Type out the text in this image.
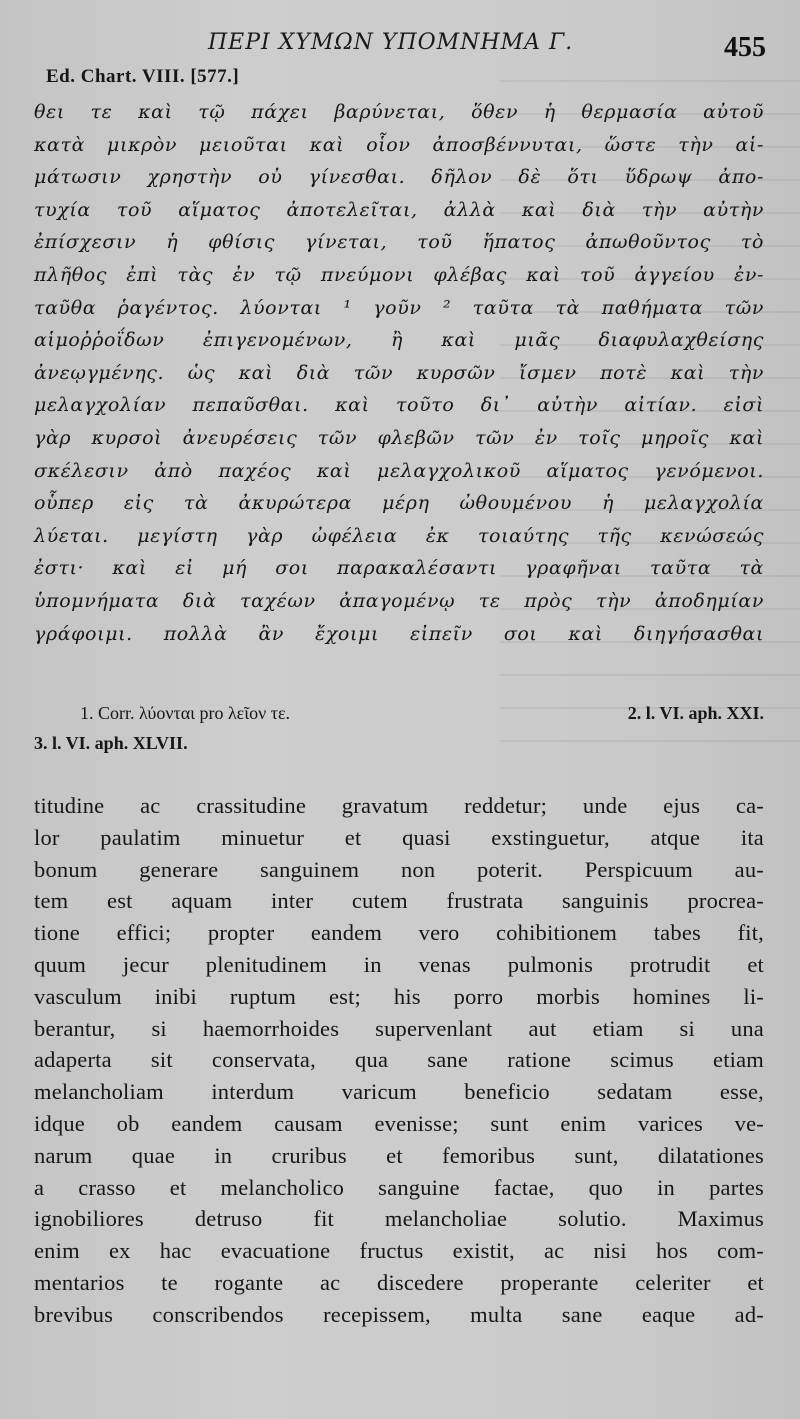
ΠΕΡΙ ΧΥΜΩΝ ΥΠΟΜΝΗΜΑ Γ.	455
Ed. Chart. VIII. [577.]
θει τε καὶ τῷ πάχει βαρύνεται, ὅθεν ἡ θερμασία αὐτοῦ
κατὰ μικρὸν μειοῦται καὶ οἷον ἀποσβέννυται, ὥστε τὴν αἱ-
μάτωσιν χρηστὴν οὐ γίνεσθαι. δῆλον δὲ ὅτι ὕδρωψ ἀπο-
τυχία τοῦ αἵματος ἀποτελεῖται, ἀλλὰ καὶ διὰ τὴν αὐτὴν
ἐπίσχεσιν ἡ φθίσις γίνεται, τοῦ ἥπατος ἀπωθοῦντος τὸ
πλῆθος ἐπὶ τὰς ἐν τῷ πνεύμονι φλέβας καὶ τοῦ ἀγγείου ἐν-
ταῦθα ῥαγέντος. λύονται ¹ γοῦν ² ταῦτα τὰ παθήματα τῶν
αἱμοῤῥοΐδων ἐπιγενομένων, ἢ καὶ μιᾶς διαφυλαχθείσης
ἀνεῳγμένης. ὡς καὶ διὰ τῶν κυρσῶν ἴσμεν ποτὲ καὶ τὴν
μελαγχολίαν πεπαῦσθαι. καὶ τοῦτο δι᾽ αὐτὴν αἰτίαν. εἰσὶ
γὰρ κυρσοὶ ἀνευρέσεις τῶν φλεβῶν τῶν ἐν τοῖς μηροῖς καὶ
σκέλεσιν ἀπὸ παχέος καὶ μελαγχολικοῦ αἵματος γενόμενοι.
οὗπερ εἰς τὰ ἀκυρώτερα μέρη ὠθουμένου ἡ μελαγχολία
λύεται. μεγίστη γὰρ ὠφέλεια ἐκ τοιαύτης τῆς κενώσεώς
ἐστι· καὶ εἰ μή σοι παρακαλέσαντι γραφῆναι ταῦτα τὰ
ὑπομνήματα διὰ ταχέων ἀπαγομένῳ τε πρὸς τὴν ἀποδημίαν
γράφοιμι. πολλὰ ἂν ἔχοιμι εἰπεῖν σοι καὶ διηγήσασθαι
1. Corr. λύονται pro λεῖον τε.	2. l. VI. aph. XXI.
3. l. VI. aph. XLVII.
titudine ac crassitudine gravatum reddetur; unde ejus ca-
lor paulatim minuetur et quasi exstinguetur, atque ita
bonum generare sanguinem non poterit. Perspicuum au-
tem est aquam inter cutem frustrata sanguinis procrea-
tione effici; propter eandem vero cohibitionem tabes fit,
quum jecur plenitudinem in venas pulmonis protrudit et
vasculum inibi ruptum est; his porro morbis homines li-
berantur, si haemorrhoides supervenlant aut etiam si una
adaperta sit conservata, qua sane ratione scimus etiam
melancholiam interdum varicum beneficio sedatam esse,
idque ob eandem causam evenisse; sunt enim varices ve-
narum quae in cruribus et femoribus sunt, dilatationes
a crasso et melancholico sanguine factae, quo in partes
ignobiliores detruso fit melancholiae solutio. Maximus
enim ex hac evacuatione fructus existit, ac nisi hos com-
mentarios te rogante ac discedere properante celeriter et
brevibus conscribendos recepissem, multa sane eaque ad-
